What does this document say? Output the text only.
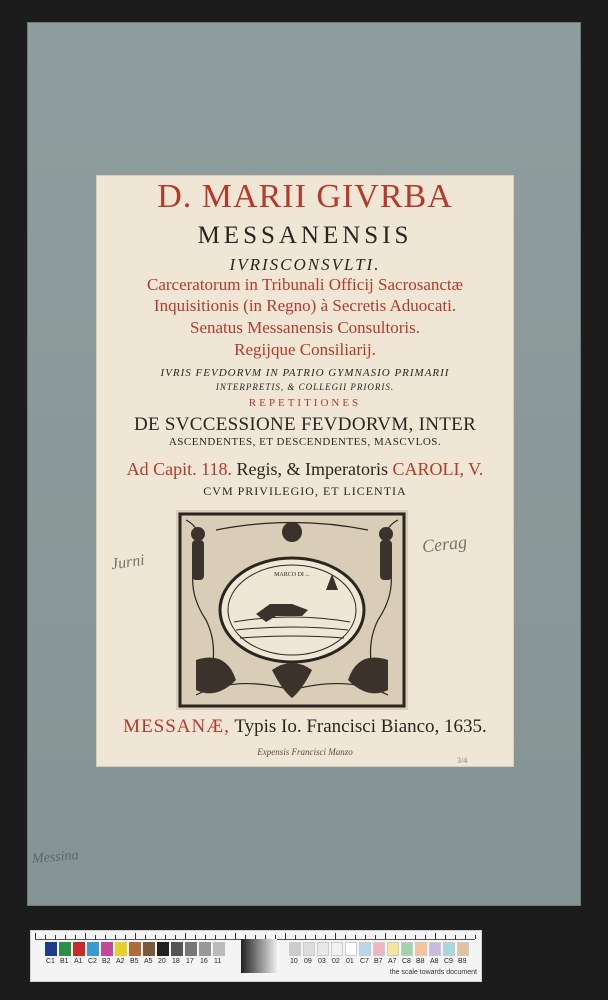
Messina
D. MARII GIVRBA
MESSANENSIS
IVRISCONSVLTI.
Carceratorum in Tribunali Officij Sacrosanctæ
Inquisitionis (in Regno) à Secretis Aduocati.
Senatus Messanensis Consultoris.
Regijque Consiliarij.
IVRIS FEVDORVM IN PATRIO GYMNASIO PRIMARII
INTERPRETIS, & COLLEGII PRIORIS.
REPETITIONES
DE SVCCESSIONE FEVDORVM, INTER
ASCENDENTES, ET DESCENDENTES, MASCVLOS.
Ad Capit. 118. Regis, & Imperatoris CAROLI, V.
CVM PRIVILEGIO, ET LICENTIA
MARCO DI ...
MESSANÆ, Typis Io. Francisci Bianco, 1635.
Expensis Francisci Manzo
3/4
Jurni
Cerag
C1 B1 A1 C2 B2 A2 B5 A5 20 18 17 16 11	10 09 03 02 01 C7 B7 A7 C8 B8 A8 C9 B9
the scale towards document
